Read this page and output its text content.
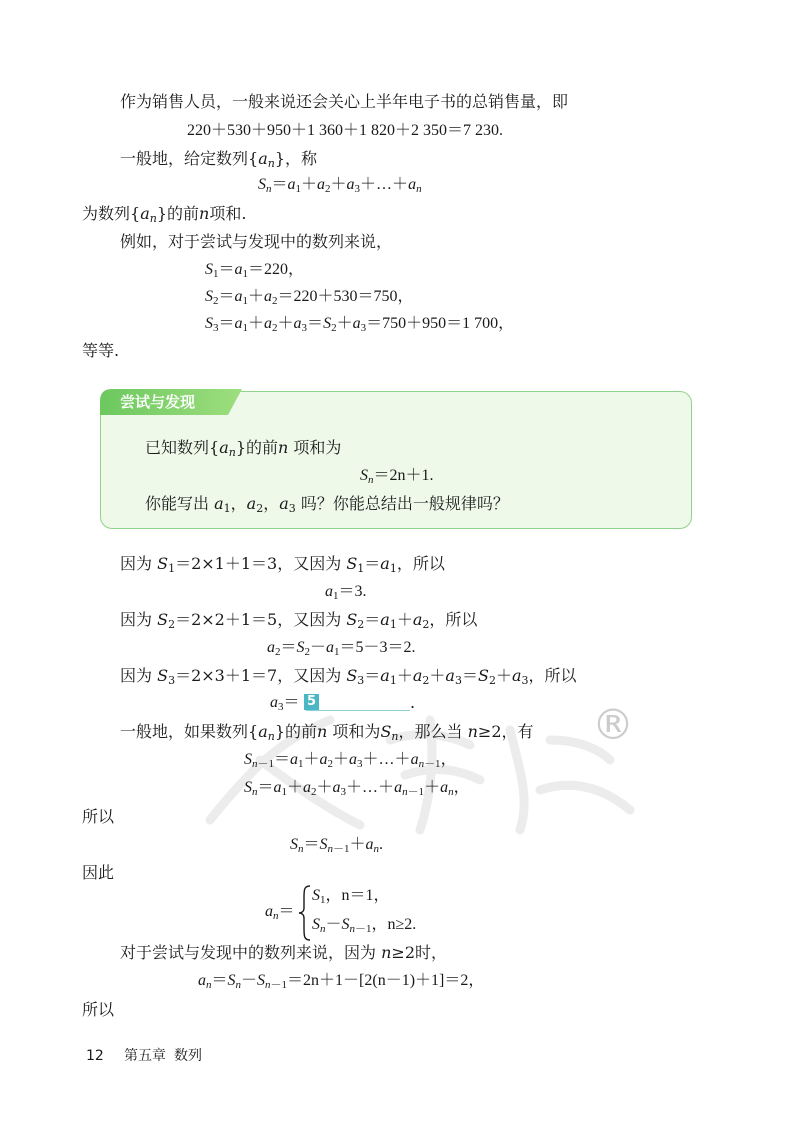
作为销售人员，一般来说还会关心上半年电子书的总销售量，即
220＋530＋950＋1 360＋1 820＋2 350＝7 230.
一般地，给定数列$\{a_n\}$，称
$S_n=a_1+a_2+a_3+\dots+a_n$
为数列$\{a_n\}$的前n项和.
例如，对于尝试与发现中的数列来说，
$S_1=a_1=220$，
$S_2=a_1+a_2=220+530=750$，
$S_3=a_1+a_2+a_3=S_2+a_3=750+950=1$ 700，
等等.
尝试与发现
已知数列$\{a_n\}$的前n 项和为
$S_n=2n+1$.
你能写出 $a_1$，$a_2$，$a_3$ 吗？你能总结出一般规律吗？
因为 $S_1=2\times 1+1=3$，又因为 $S_1=a_1$，所以
$a_1=3$.
因为 $S_2=2\times 2+1=5$，又因为 $S_2=a_1+a_2$，所以
$a_2=S_2-a_1=5-3=2$.
因为 $S_3=2\times 3+1=7$，又因为 $S_3=a_1+a_2+a_3=S_2+a_3$，所以
$a_3= 5$	.	®
一般地，如果数列$\{a_n\}$的前n 项和为$S_n$，那么当 n≥2，有
$S_{n-1}=a_1+a_2+a_3+\dots+a_{n-1}$，
$S_n=a_1+a_2+a_3+\dots+a_{n-1}+a_n$，
所以
$S_n=S_{n-1}+a_n$.
因此
$a_n=$
$S_1$，n＝1，
$S_n-S_{n-1}$，n≥2.
对于尝试与发现中的数列来说，因为 n≥2时，
$a_n=S_n-S_{n-1}=2n+1-[2(n-1)+1]=2$，
所以
12 第五章 数列
